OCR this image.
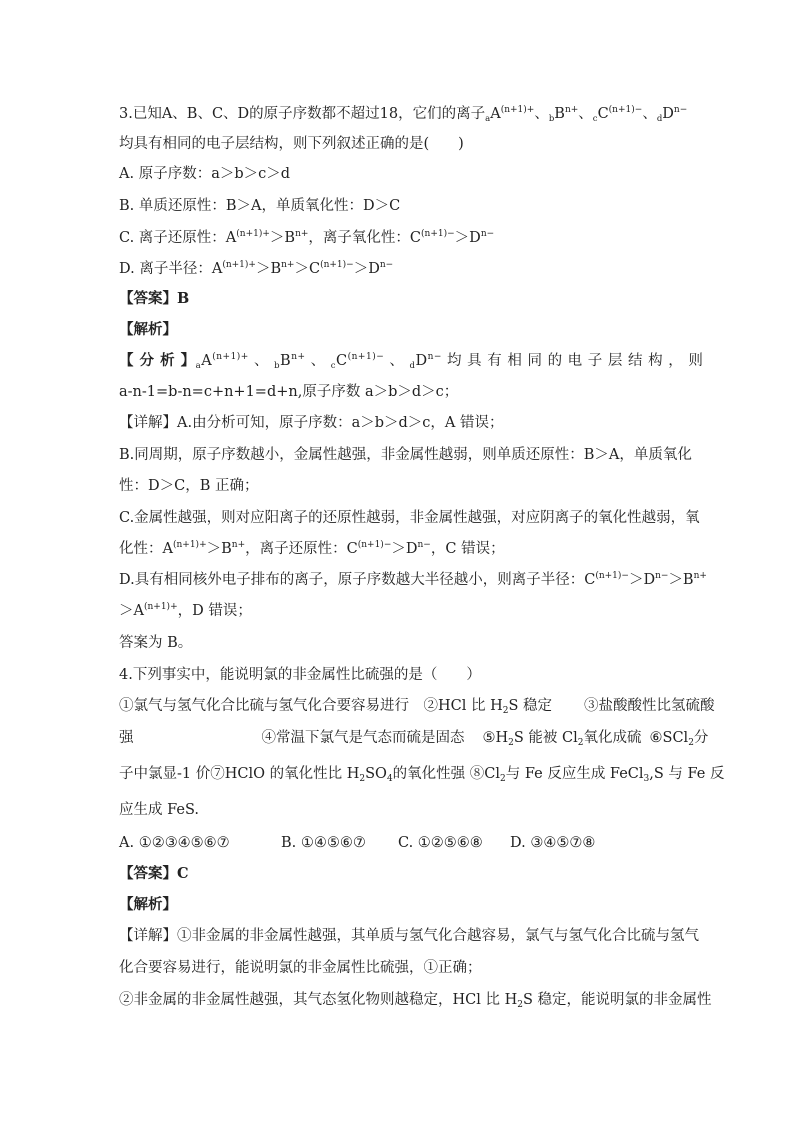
3.已知A、B、C、D的原子序数都不超过18，它们的离子$_aA^{(n+1)+}$、$_bB^{n+}$、$_cC^{(n+1)-}$、$_dD^{n-}$
均具有相同的电子层结构，则下列叙述正确的是(　　)
A. 原子序数：a＞b＞c＞d
B. 单质还原性：B＞A，单质氧化性：D＞C
C. 离子还原性：$A^{(n+1)+}>B^{n+}$，离子氧化性：$C^{(n+1)-}>D^{n-}$
D. 离子半径：$A^{(n+1)+}>B^{n+}>C^{(n+1)-}>D^{n-}$
【答案】B
【解析】
【 分 析 】$_aA^{(n+1)+}$ 、 $_bB^{n+}$ 、 $_cC^{(n+1)-}$ 、 $_dD^{n-}$ 均 具 有 相 同 的 电 子 层 结 构 ， 则
a-n-1=b-n=c+n+1=d+n,原子序数 a＞b＞d＞c；
【详解】A.由分析可知，原子序数：a＞b＞d＞c，A 错误；
B.同周期，原子序数越小，金属性越强，非金属性越弱，则单质还原性：B＞A，单质氧化
性：D＞C，B 正确；
C.金属性越强，则对应阳离子的还原性越弱，非金属性越强，对应阴离子的氧化性越弱，氧
化性：$A^{(n+1)+}>B^{n+}$，离子还原性：$C^{(n+1)-}>D^{n-}$，C 错误；
D.具有相同核外电子排布的离子，原子序数越大半径越小，则离子半径：$C^{(n+1)-}>D^{n-}>B^{n+}$
$>A^{(n+1)+}$，D 错误；
答案为 B。
4.下列事实中，能说明氯的非金属性比硫强的是（　　）
①氯气与氢气化合比硫与氢气化合要容易进行　②HCl 比 $H_2S$ 稳定 ③盐酸酸性比氢硫酸
强	④常温下氯气是气态而硫是固态 $⑤H_2S$ 能被 $Cl_2$氧化成硫 ⑥SCl$_2$分
子中氯显-1 价⑦HClO 的氧化性比 $H_2SO_4$的氧化性强 $⑧Cl_2$与 Fe 反应生成 FeCl$_3$,S 与 Fe 反
应生成 FeS.
A. ①②③④⑤⑥⑦	B. ①④⑤⑥⑦ C. ①②⑤⑥⑧ D. ③④⑤⑦⑧
【答案】C
【解析】
【详解】①非金属的非金属性越强，其单质与氢气化合越容易，氯气与氢气化合比硫与氢气
化合要容易进行，能说明氯的非金属性比硫强，①正确；
②非金属的非金属性越强，其气态氢化物则越稳定，HCl 比 $H_2S$ 稳定，能说明氯的非金属性
